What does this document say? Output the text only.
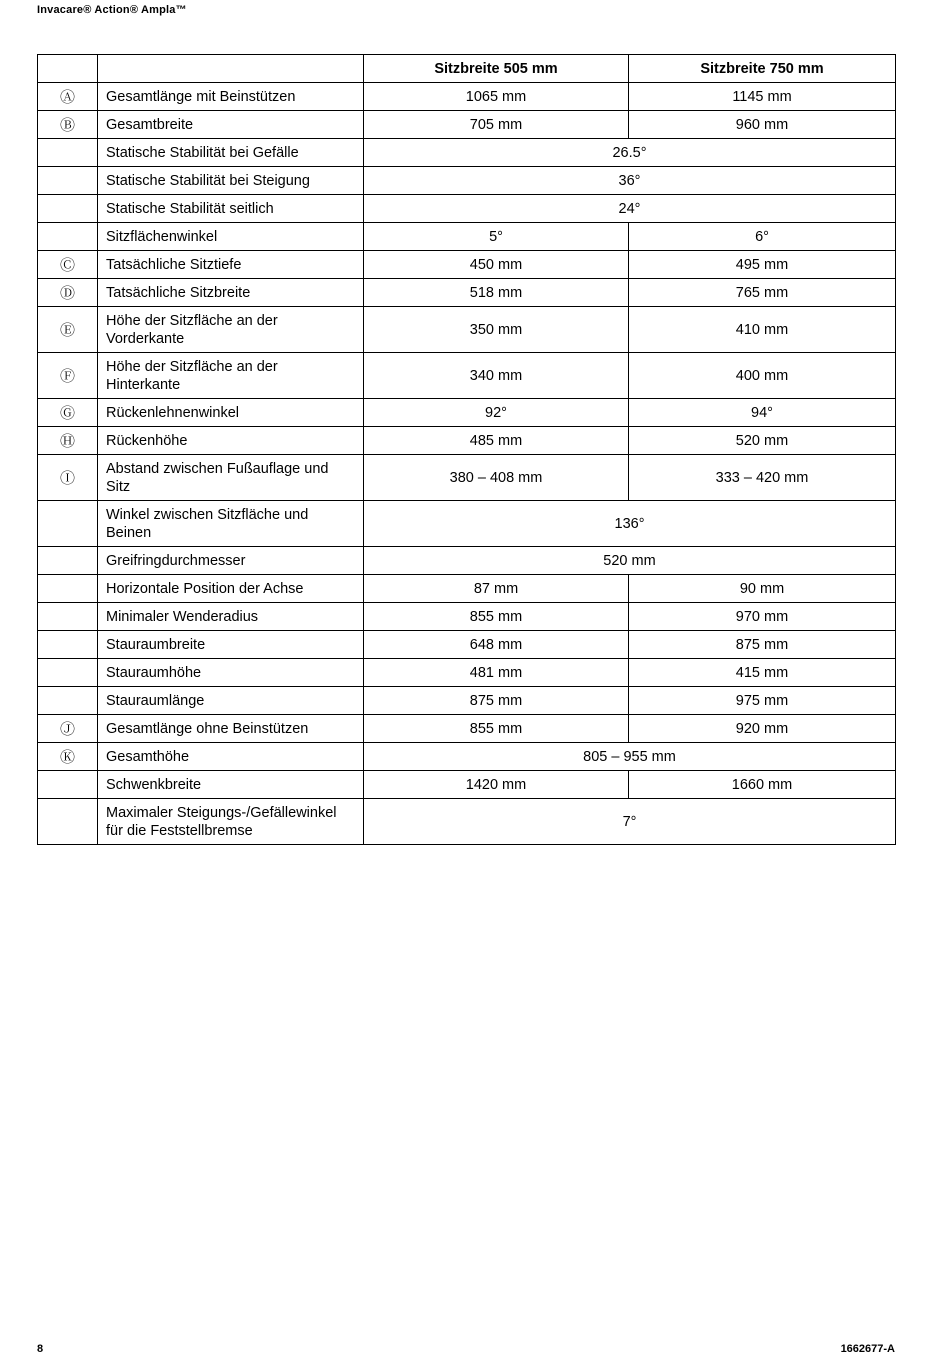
Invacare® Action® Ampla™
		Sitzbreite 505 mm	Sitzbreite 750 mm
Ⓐ	Gesamtlänge mit Beinstützen	1065 mm	1145 mm
Ⓑ	Gesamtbreite	705 mm	960 mm
	Statische Stabilität bei Gefälle	26.5°	
	Statische Stabilität bei Steigung	36°	
	Statische Stabilität seitlich	24°	
	Sitzflächenwinkel	5°	6°
Ⓒ	Tatsächliche Sitztiefe	450 mm	495 mm
Ⓓ	Tatsächliche Sitzbreite	518 mm	765 mm
Ⓔ	Höhe der Sitzfläche an der Vorderkante	350 mm	410 mm
Ⓕ	Höhe der Sitzfläche an der Hinterkante	340 mm	400 mm
Ⓖ	Rückenlehnenwinkel	92°	94°
Ⓗ	Rückenhöhe	485 mm	520 mm
Ⓘ	Abstand zwischen Fußauflage und Sitz	380 – 408 mm	333 – 420 mm
	Winkel zwischen Sitzfläche und Beinen	136°	
	Greifringdurchmesser	520 mm	
	Horizontale Position der Achse	87 mm	90 mm
	Minimaler Wenderadius	855 mm	970 mm
	Stauraumbreite	648 mm	875 mm
	Stauraumhöhe	481 mm	415 mm
	Stauraumlänge	875 mm	975 mm
Ⓙ	Gesamtlänge ohne Beinstützen	855 mm	920 mm
Ⓚ	Gesamthöhe	805 – 955 mm	
	Schwenkbreite	1420 mm	1660 mm
	Maximaler Steigungs-/Gefällewinkel für die Feststellbremse	7°	
8	1662677-A
